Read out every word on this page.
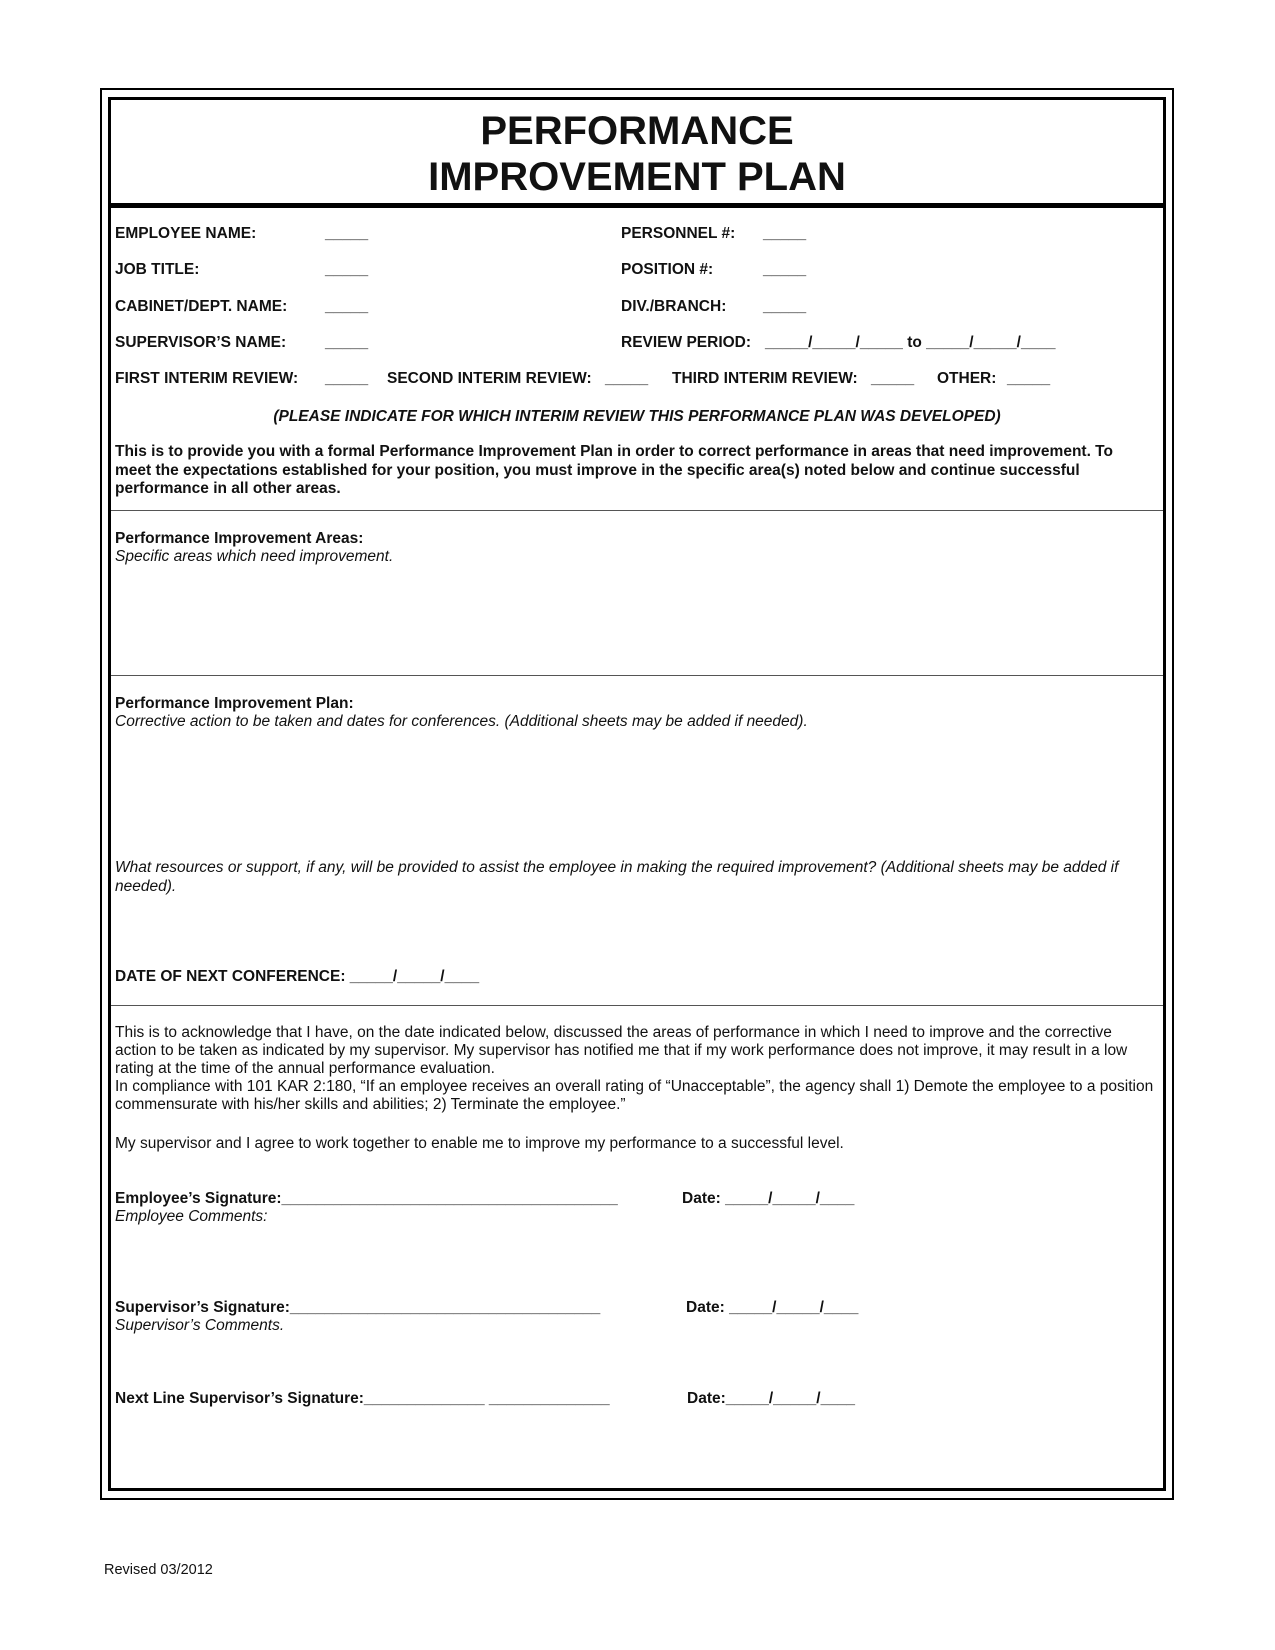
PERFORMANCE
IMPROVEMENT PLAN
EMPLOYEE NAME:	_____	PERSONNEL #: _____
JOB TITLE:	_____	POSITION #:	_____
CABINET/DEPT. NAME: _____	DIV./BRANCH: _____
SUPERVISOR’S NAME:	_____	REVIEW PERIOD: _____/_____/_____ to _____/_____/____
FIRST INTERIM REVIEW: _____ SECOND INTERIM REVIEW: _____ THIRD INTERIM REVIEW: _____ OTHER: _____
(PLEASE INDICATE FOR WHICH INTERIM REVIEW THIS PERFORMANCE PLAN WAS DEVELOPED)
This is to provide you with a formal Performance Improvement Plan in order to correct performance in areas that need improvement. To meet the expectations established for your position, you must improve in the specific area(s) noted below and continue successful performance in all other areas.
Performance Improvement Areas:
Specific areas which need improvement.
Performance Improvement Plan:
Corrective action to be taken and dates for conferences. (Additional sheets may be added if needed).
What resources or support, if any, will be provided to assist the employee in making the required improvement? (Additional sheets may be added if needed).
DATE OF NEXT CONFERENCE: _____/_____/____
This is to acknowledge that I have, on the date indicated below, discussed the areas of performance in which I need to improve and the corrective action to be taken as indicated by my supervisor. My supervisor has notified me that if my work performance does not improve, it may result in a low rating at the time of the annual performance evaluation.
In compliance with 101 KAR 2:180, “If an employee receives an overall rating of “Unacceptable”, the agency shall 1) Demote the employee to a position commensurate with his/her skills and abilities; 2) Terminate the employee.”
My supervisor and I agree to work together to enable me to improve my performance to a successful level.
Employee’s Signature:_______________________________________	Date: _____/_____/____
Employee Comments:
Supervisor’s Signature:____________________________________	Date: _____/_____/____
Supervisor’s Comments.
Next Line Supervisor’s Signature:______________ ______________	Date:_____/_____/____
Revised 03/2012
